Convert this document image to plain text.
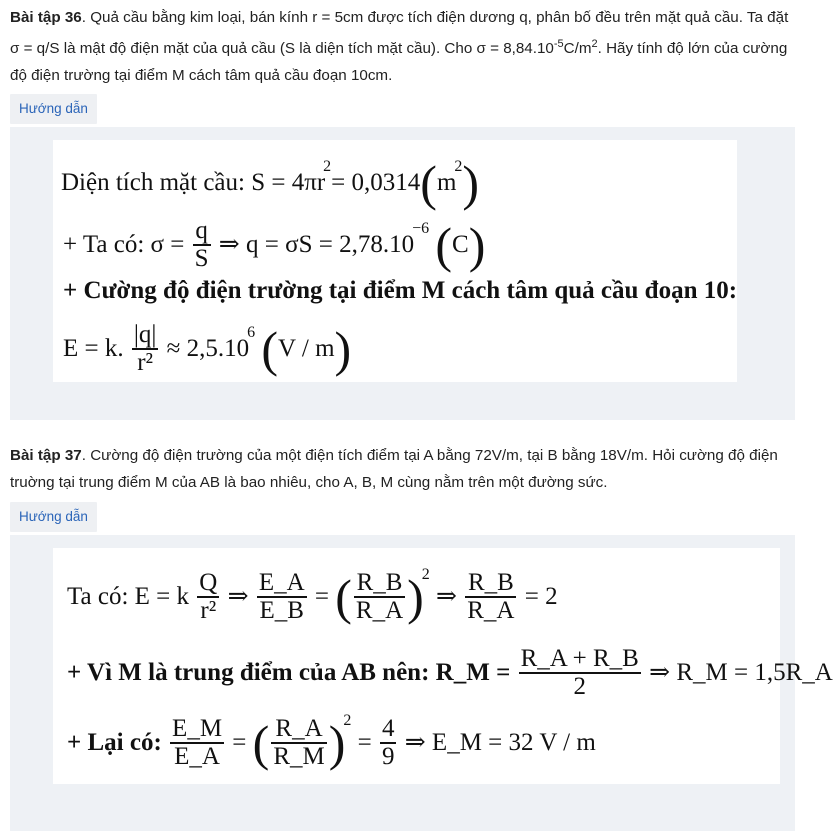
Bài tập 36. Quả cầu bằng kim loại, bán kính r = 5cm được tích điện dương q, phân bố đều trên mặt quả cầu. Ta đặt σ = q/S là mật độ điện mặt của quả cầu (S là diện tích mặt cầu). Cho $\sigma = 8,84.10^{-5}C/m^2$. Hãy tính độ lớn của cường độ điện trường tại điểm M cách tâm quả cầu đoạn 10cm.
Hướng dẫn
Diện tích mặt cầu: S = 4πr2= 0,0314(m2)
+ Ta có: $\sigma = \frac{q}{S}$ ⇒ q = σS = 2,78.10−6 (C)
+ Cường độ điện trường tại điểm M cách tâm quả cầu đoạn 10:
E = k. $\frac{|q|}{\text{r²}} \approx 2,5.106$ (V / m)
Bài tập 37. Cường độ điện trường của một điện tích điểm tại A bằng 72V/m, tại B bằng 18V/m. Hỏi cường độ điện truờng tại trung điểm M của AB là bao nhiêu, cho A, B, M cùng nằm trên một đường sức.
Hướng dẫn
Ta có: E = k $\frac{Q}{\text{r²}}$ ⇒ $\frac{E\_A}{E\_B}$ = ( $\frac{R\_B}{R\_A} )2$ ⇒ $\frac{R\_B}{R\_A} = 2$
+ Vì M là trung điểm của AB nên: R_M = $\frac{R\_A + R\_B}{2}$ ⇒ R_M = 1,5R_A
+ Lại có: $\frac{E\_M}{E\_A}$ = ( $\frac{R\_A}{R\_M} )2 = \frac{4}{9}$ ⇒ E_M = 32 V / m
